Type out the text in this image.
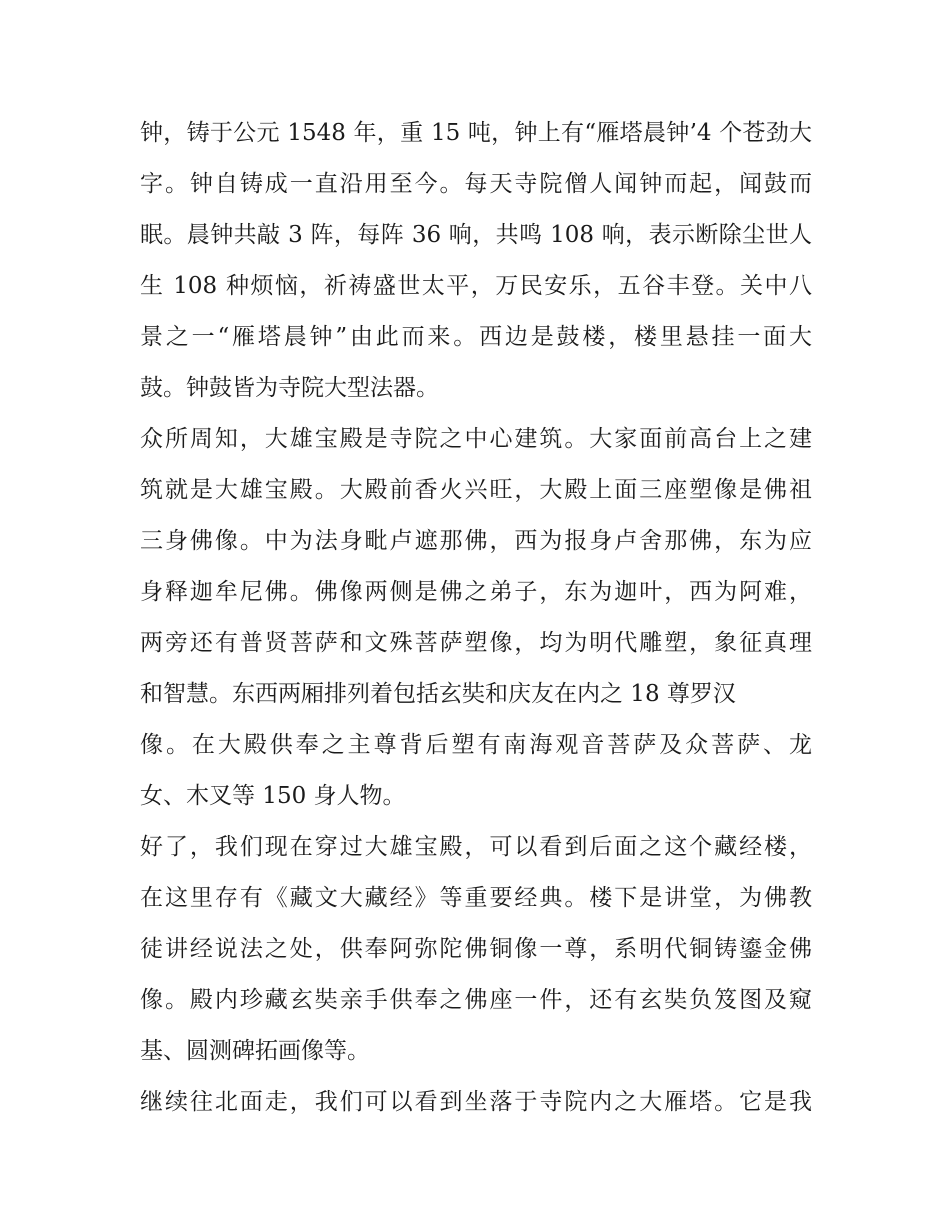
钟，铸于公元 1548 年，重 15 吨，钟上有“雁塔晨钟’4 个苍劲大
字。钟自铸成一直沿用至今。每天寺院僧人闻钟而起，闻鼓而
眠。晨钟共敲 3 阵，每阵 36 响，共鸣 108 响，表示断除尘世人
生 108 种烦恼，祈祷盛世太平，万民安乐，五谷丰登。关中八
景之一“雁塔晨钟”由此而来。西边是鼓楼，楼里悬挂一面大
鼓。钟鼓皆为寺院大型法器。
众所周知，大雄宝殿是寺院之中心建筑。大家面前高台上之建
筑就是大雄宝殿。大殿前香火兴旺，大殿上面三座塑像是佛祖
三身佛像。中为法身毗卢遮那佛，西为报身卢舍那佛，东为应
身释迦牟尼佛。佛像两侧是佛之弟子，东为迦叶，西为阿难，
两旁还有普贤菩萨和文殊菩萨塑像，均为明代雕塑，象征真理
和智慧。东西两厢排列着包括玄奘和庆友在内之 18 尊罗汉
像。在大殿供奉之主尊背后塑有南海观音菩萨及众菩萨、龙
女、木叉等 150 身人物。
好了，我们现在穿过大雄宝殿，可以看到后面之这个藏经楼，
在这里存有《藏文大藏经》等重要经典。楼下是讲堂，为佛教
徒讲经说法之处，供奉阿弥陀佛铜像一尊，系明代铜铸鎏金佛
像。殿内珍藏玄奘亲手供奉之佛座一件，还有玄奘负笈图及窥
基、圆测碑拓画像等。
继续往北面走，我们可以看到坐落于寺院内之大雁塔。它是我
